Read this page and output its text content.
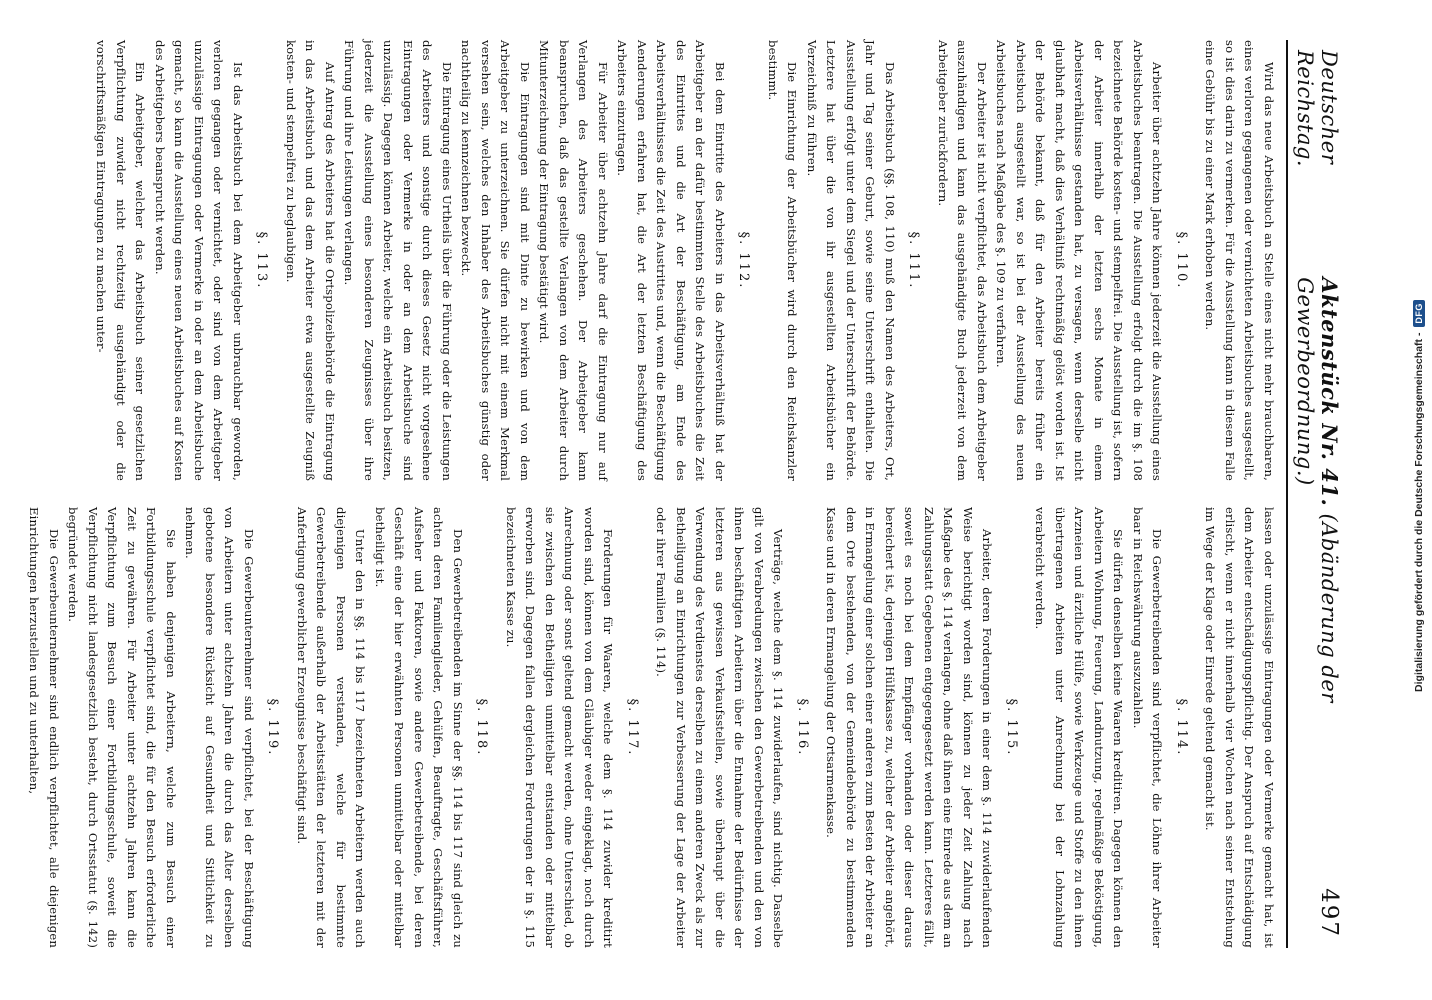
Deutscher Reichstag.
Aktenstück Nr. 41. (Abänderung der Gewerbeordnung.)
497

Wird das neue Arbeitsbuch an Stelle eines nicht mehr brauchbaren, eines verloren gegangenen oder vernichteten Arbeitsbuches ausgestellt, so ist dies darin zu vermerken. Für die Ausstellung kann in diesem Falle eine Gebühr bis zu einer Mark erhoben werden.

§. 110.

Arbeiter über achtzehn Jahre können jederzeit die Ausstellung eines Arbeitsbuches beantragen. Die Ausstellung erfolgt durch die im §. 108 bezeichnete Behörde kosten- und stempelfrei. Die Ausstellung ist, sofern der Arbeiter innerhalb der letzten sechs Monate in einem Arbeitsverhältnisse gestanden hat, zu versagen, wenn derselbe nicht glaubhaft macht, daß dies Verhältniß rechtmäßig gelöst worden ist. Ist der Behörde bekannt, daß für den Arbeiter bereits früher ein Arbeitsbuch ausgestellt war, so ist bei der Ausstellung des neuen Arbeitsbuches nach Maßgabe des §. 109 zu verfahren.

Der Arbeiter ist nicht verpflichtet, das Arbeitsbuch dem Arbeitgeber auszuhändigen und kann das ausgehändigte Buch jederzeit von dem Arbeitgeber zurückfordern.

§. 111.

Das Arbeitsbuch (§§. 108, 110) muß den Namen des Arbeiters, Ort, Jahr und Tag seiner Geburt, sowie seine Unterschrift enthalten. Die Ausstellung erfolgt unter dem Siegel und der Unterschrift der Behörde. Letztere hat über die von ihr ausgestellten Arbeitsbücher ein Verzeichniß zu führen.

Die Einrichtung der Arbeitsbücher wird durch den Reichskanzler bestimmt.

§. 112.

Bei dem Eintritte des Arbeiters in das Arbeitsverhältniß hat der Arbeitgeber an der dafür bestimmten Stelle des Arbeitsbuches die Zeit des Eintrittes und die Art der Beschäftigung, am Ende des Arbeitsverhältnisses die Zeit des Austrittes und, wenn die Beschäftigung Aenderungen erfahren hat, die Art der letzten Beschäftigung des Arbeiters einzutragen.

Für Arbeiter über achtzehn Jahre darf die Eintragung nur auf Verlangen des Arbeiters geschehen. Der Arbeitgeber kann beanspruchen, daß das gestellte Verlangen von dem Arbeiter durch Mitunterzeichnung der Eintragung bestätigt wird.

Die Eintragungen sind mit Dinte zu bewirken und von dem Arbeitgeber zu unterzeichnen. Sie dürfen nicht mit einem Merkmal versehen sein, welches den Inhaber des Arbeitsbuches günstig oder nachtheilig zu kennzeichnen bezweckt.

Die Eintragung eines Urtheils über die Führung oder die Leistungen des Arbeiters und sonstige durch dieses Gesetz nicht vorgesehene Eintragungen oder Vermerke in oder an dem Arbeitsbuche sind unzulässig. Dagegen können Arbeiter, welche ein Arbeitsbuch besitzen, jederzeit die Ausstellung eines besonderen Zeugnisses über ihre Führung und ihre Leistungen verlangen.

Auf Antrag des Arbeiters hat die Ortspolizeibehörde die Eintragung in das Arbeitsbuch und das dem Arbeiter etwa ausgestellte Zeugniß kosten- und stempelfrei zu beglaubigen.

§. 113.

Ist das Arbeitsbuch bei dem Arbeitgeber unbrauchbar geworden, verloren gegangen oder vernichtet, oder sind von dem Arbeitgeber unzulässige Eintragungen oder Vermerke in oder an dem Arbeitsbuche gemacht, so kann die Ausstellung eines neuen Arbeitsbuches auf Kosten des Arbeitgebers beansprucht werden.

Ein Arbeitgeber, welcher das Arbeitsbuch seiner gesetzlichen Verpflichtung zuwider nicht rechtzeitig ausgehändigt oder die vorschriftsmäßigen Eintragungen zu machen unter-

lassen oder unzulässige Eintragungen oder Vermerke gemacht hat, ist dem Arbeiter entschädigungspflichtig. Der Anspruch auf Entschädigung erlischt, wenn er nicht innerhalb vier Wochen nach seiner Entstehung im Wege der Klage oder Einrede geltend gemacht ist.

§. 114.

Die Gewerbetreibenden sind verpflichtet, die Löhne ihrer Arbeiter baar in Reichswährung auszuzahlen.

Sie dürfen denselben keine Waaren kreditiren. Dagegen können den Arbeitern Wohnung, Feuerung, Landnutzung, regelmäßige Beköstigung, Arzneien und ärztliche Hülfe, sowie Werkzeuge und Stoffe zu den ihnen übertragenen Arbeiten unter Anrechnung bei der Lohnzahlung verabreicht werden.

§. 115.

Arbeiter, deren Forderungen in einer dem §. 114 zuwiderlaufenden Weise berichtigt worden sind, können zu jeder Zeit Zahlung nach Maßgabe des §. 114 verlangen, ohne daß ihnen eine Einrede aus dem an Zahlungsstatt Gegebenen entgegengesetzt werden kann. Letzteres fällt, soweit es noch bei dem Empfänger vorhanden oder dieser daraus bereichert ist, derjenigen Hülfskasse zu, welcher der Arbeiter angehört, in Ermangelung einer solchen einer anderen zum Besten der Arbeiter an dem Orte bestehenden, von der Gemeindebehörde zu bestimmenden Kasse und in deren Ermangelung der Ortsarmenkasse.

§. 116.

Verträge, welche dem §. 114 zuwiderlaufen, sind nichtig. Dasselbe gilt von Verabredungen zwischen den Gewerbetreibenden und den von ihnen beschäftigten Arbeitern über die Entnahme der Bedürfnisse der letzteren aus gewissen Verkaufsstellen, sowie überhaupt über die Verwendung des Verdienstes derselben zu einem anderen Zweck als zur Betheiligung an Einrichtungen zur Verbesserung der Lage der Arbeiter oder ihrer Familien (§. 114).

§. 117.

Forderungen für Waaren, welche dem §. 114 zuwider kreditirt worden sind, können von dem Gläubiger weder eingeklagt, noch durch Anrechnung oder sonst geltend gemacht werden, ohne Unterschied, ob sie zwischen den Betheiligten unmittelbar entstanden oder mittelbar erworben sind. Dagegen fallen dergleichen Forderungen der in §. 115 bezeichneten Kasse zu.

§. 118.

Den Gewerbetreibenden im Sinne der §§. 114 bis 117 sind gleich zu achten deren Familienglieder, Gehülfen, Beauftragte, Geschäftsführer, Aufseher und Faktoren, sowie andere Gewerbetreibende, bei deren Geschäft eine der hier erwähnten Personen unmittelbar oder mittelbar betheiligt ist.

Unter den in §§. 114 bis 117 bezeichneten Arbeitern werden auch diejenigen Personen verstanden, welche für bestimmte Gewerbetreibende außerhalb der Arbeitsstätten der letzteren mit der Anfertigung gewerblicher Erzeugnisse beschäftigt sind.

§. 119.

Die Gewerbeunternehmer sind verpflichtet, bei der Beschäftigung von Arbeitern unter achtzehn Jahren die durch das Alter derselben gebotene besondere Rücksicht auf Gesundheit und Sittlichkeit zu nehmen.

Sie haben denjenigen Arbeitern, welche zum Besuch einer Fortbildungsschule verpflichtet sind, die für den Besuch erforderliche Zeit zu gewähren. Für Arbeiter unter achtzehn Jahren kann die Verpflichtung zum Besuch einer Fortbildungsschule, soweit die Verpflichtung nicht landesgesetzlich besteht, durch Ortsstatut (§. 142) begründet werden.

Die Gewerbeunternehmer sind endlich verpflichtet, alle diejenigen Einrichtungen herzustellen und zu unterhalten,	Digitalisierung gefördert durch die Deutsche Forschungsgemeinschaft -
DFG
